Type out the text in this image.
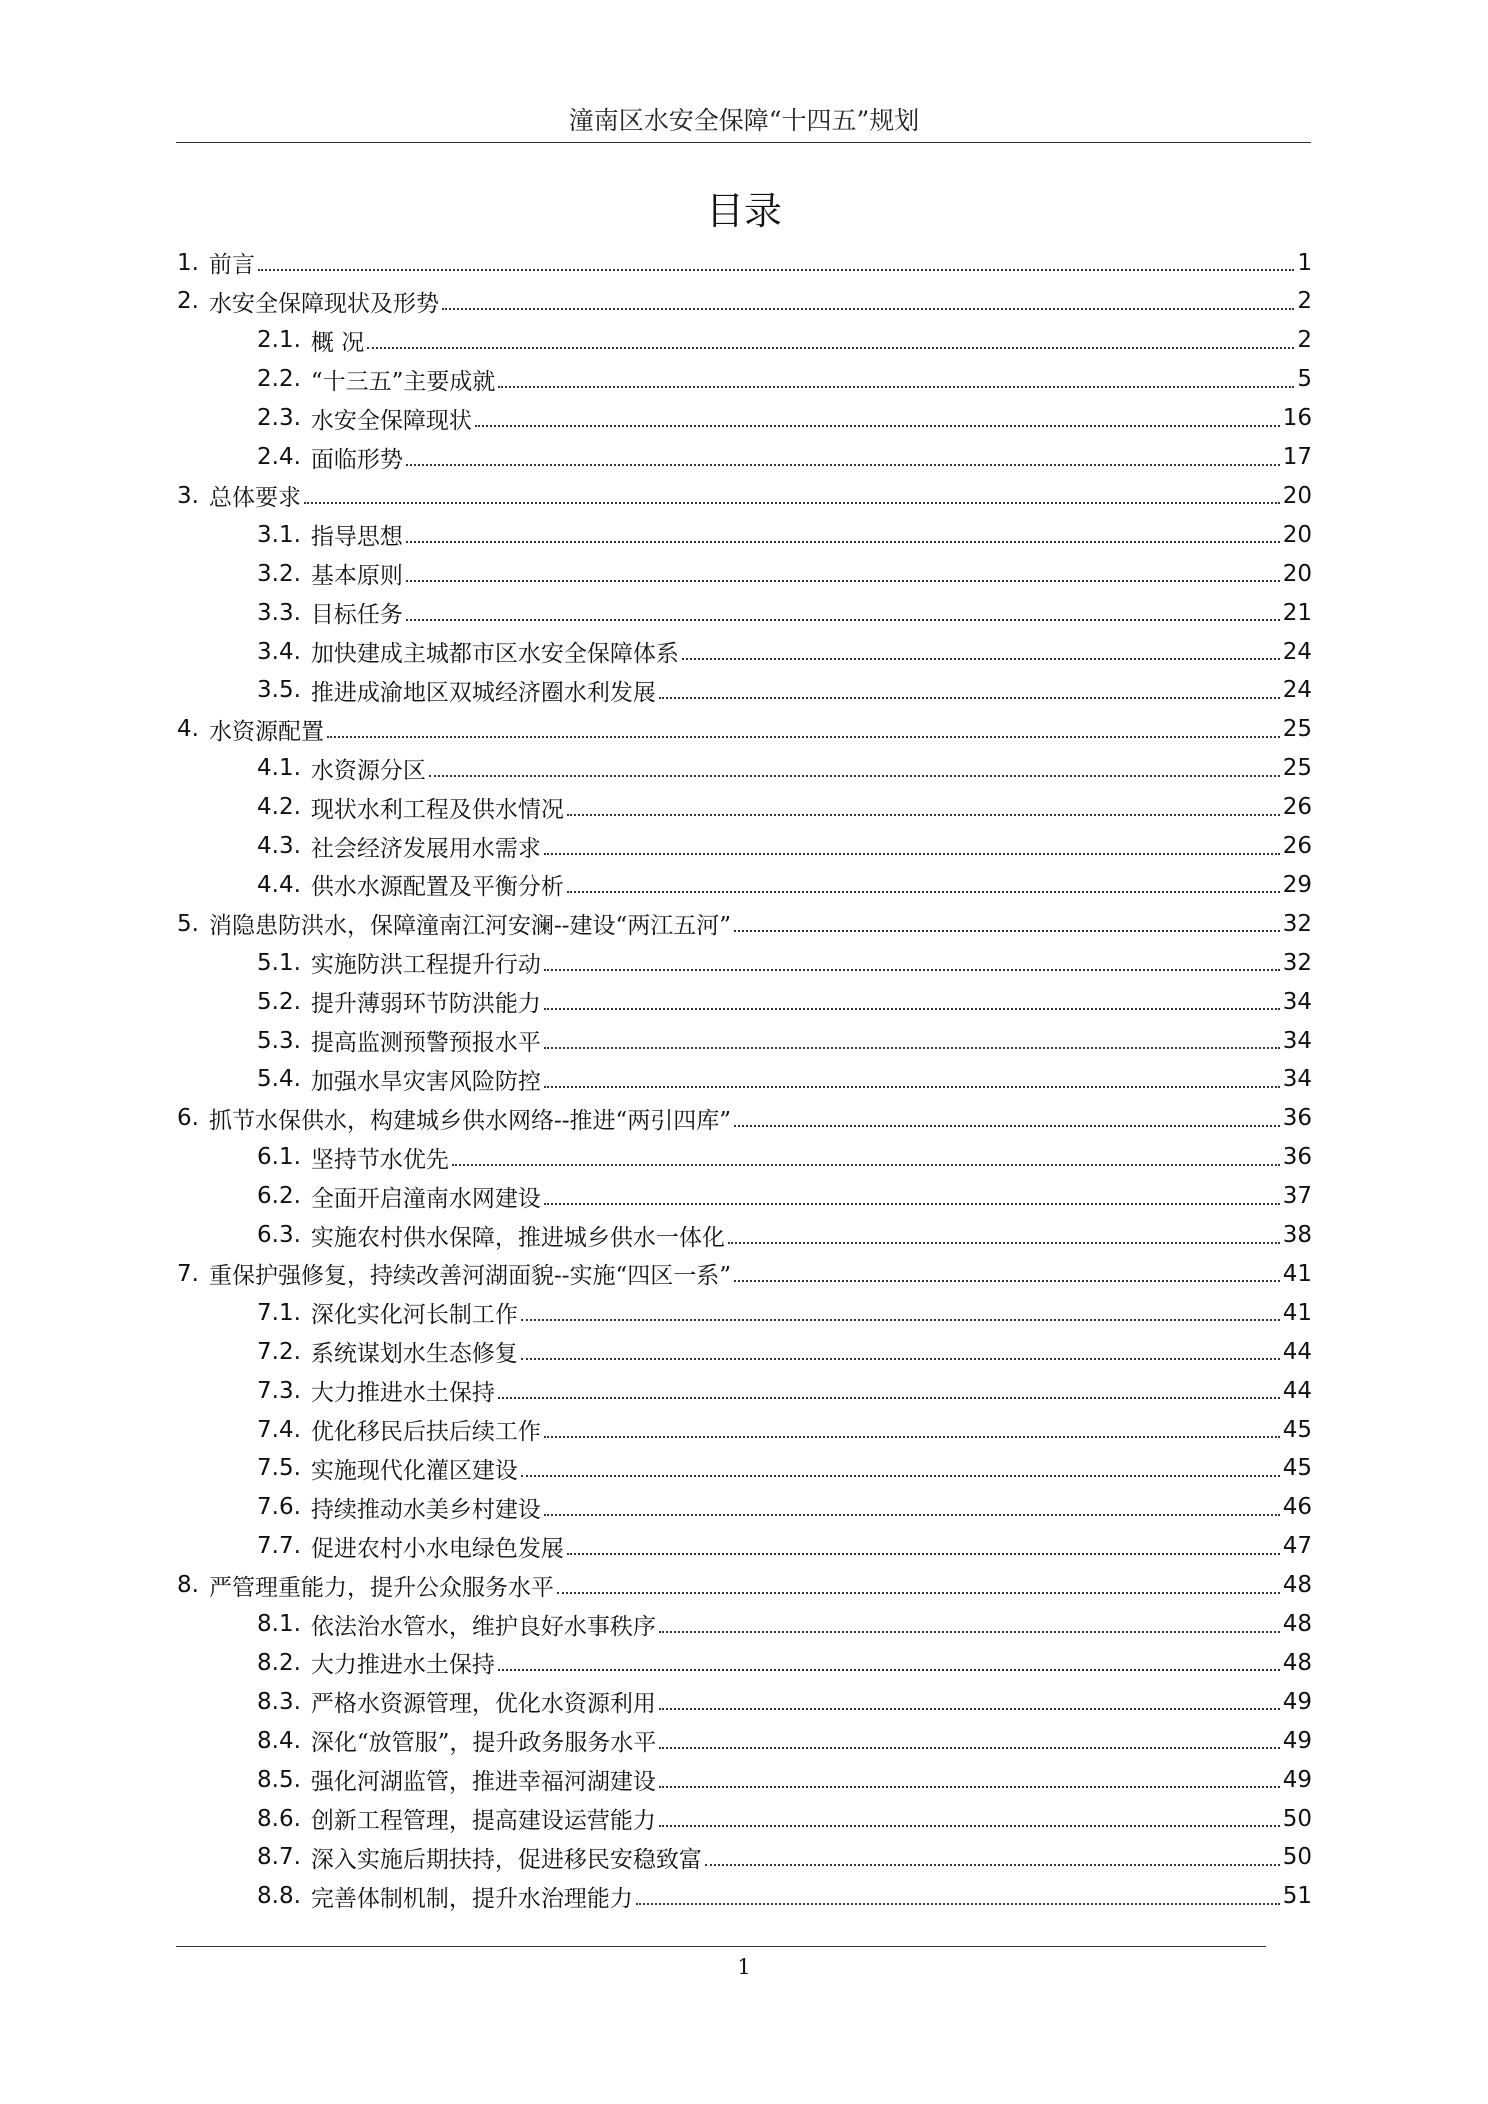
潼南区水安全保障“十四五”规划
目录
1. 前言	1
2. 水安全保障现状及形势	2
2.1. 概 况	2
2.2. “十三五”主要成就	5
2.3. 水安全保障现状	16
2.4. 面临形势	17
3. 总体要求	20
3.1. 指导思想	20
3.2. 基本原则	20
3.3. 目标任务	21
3.4. 加快建成主城都市区水安全保障体系	24
3.5. 推进成渝地区双城经济圈水利发展	24
4. 水资源配置	25
4.1. 水资源分区	25
4.2. 现状水利工程及供水情况	26
4.3. 社会经济发展用水需求	26
4.4. 供水水源配置及平衡分析	29
5. 消隐患防洪水，保障潼南江河安澜--建设“两江五河”	32
5.1. 实施防洪工程提升行动	32
5.2. 提升薄弱环节防洪能力	34
5.3. 提高监测预警预报水平	34
5.4. 加强水旱灾害风险防控	34
6. 抓节水保供水，构建城乡供水网络--推进“两引四库”	36
6.1. 坚持节水优先	36
6.2. 全面开启潼南水网建设	37
6.3. 实施农村供水保障，推进城乡供水一体化	38
7. 重保护强修复，持续改善河湖面貌--实施“四区一系”	41
7.1. 深化实化河长制工作	41
7.2. 系统谋划水生态修复	44
7.3. 大力推进水土保持	44
7.4. 优化移民后扶后续工作	45
7.5. 实施现代化灌区建设	45
7.6. 持续推动水美乡村建设	46
7.7. 促进农村小水电绿色发展	47
8. 严管理重能力，提升公众服务水平	48
8.1. 依法治水管水，维护良好水事秩序	48
8.2. 大力推进水土保持	48
8.3. 严格水资源管理，优化水资源利用	49
8.4. 深化“放管服”，提升政务服务水平	49
8.5. 强化河湖监管，推进幸福河湖建设	49
8.6. 创新工程管理，提高建设运营能力	50
8.7. 深入实施后期扶持，促进移民安稳致富	50
8.8. 完善体制机制，提升水治理能力	51
1
